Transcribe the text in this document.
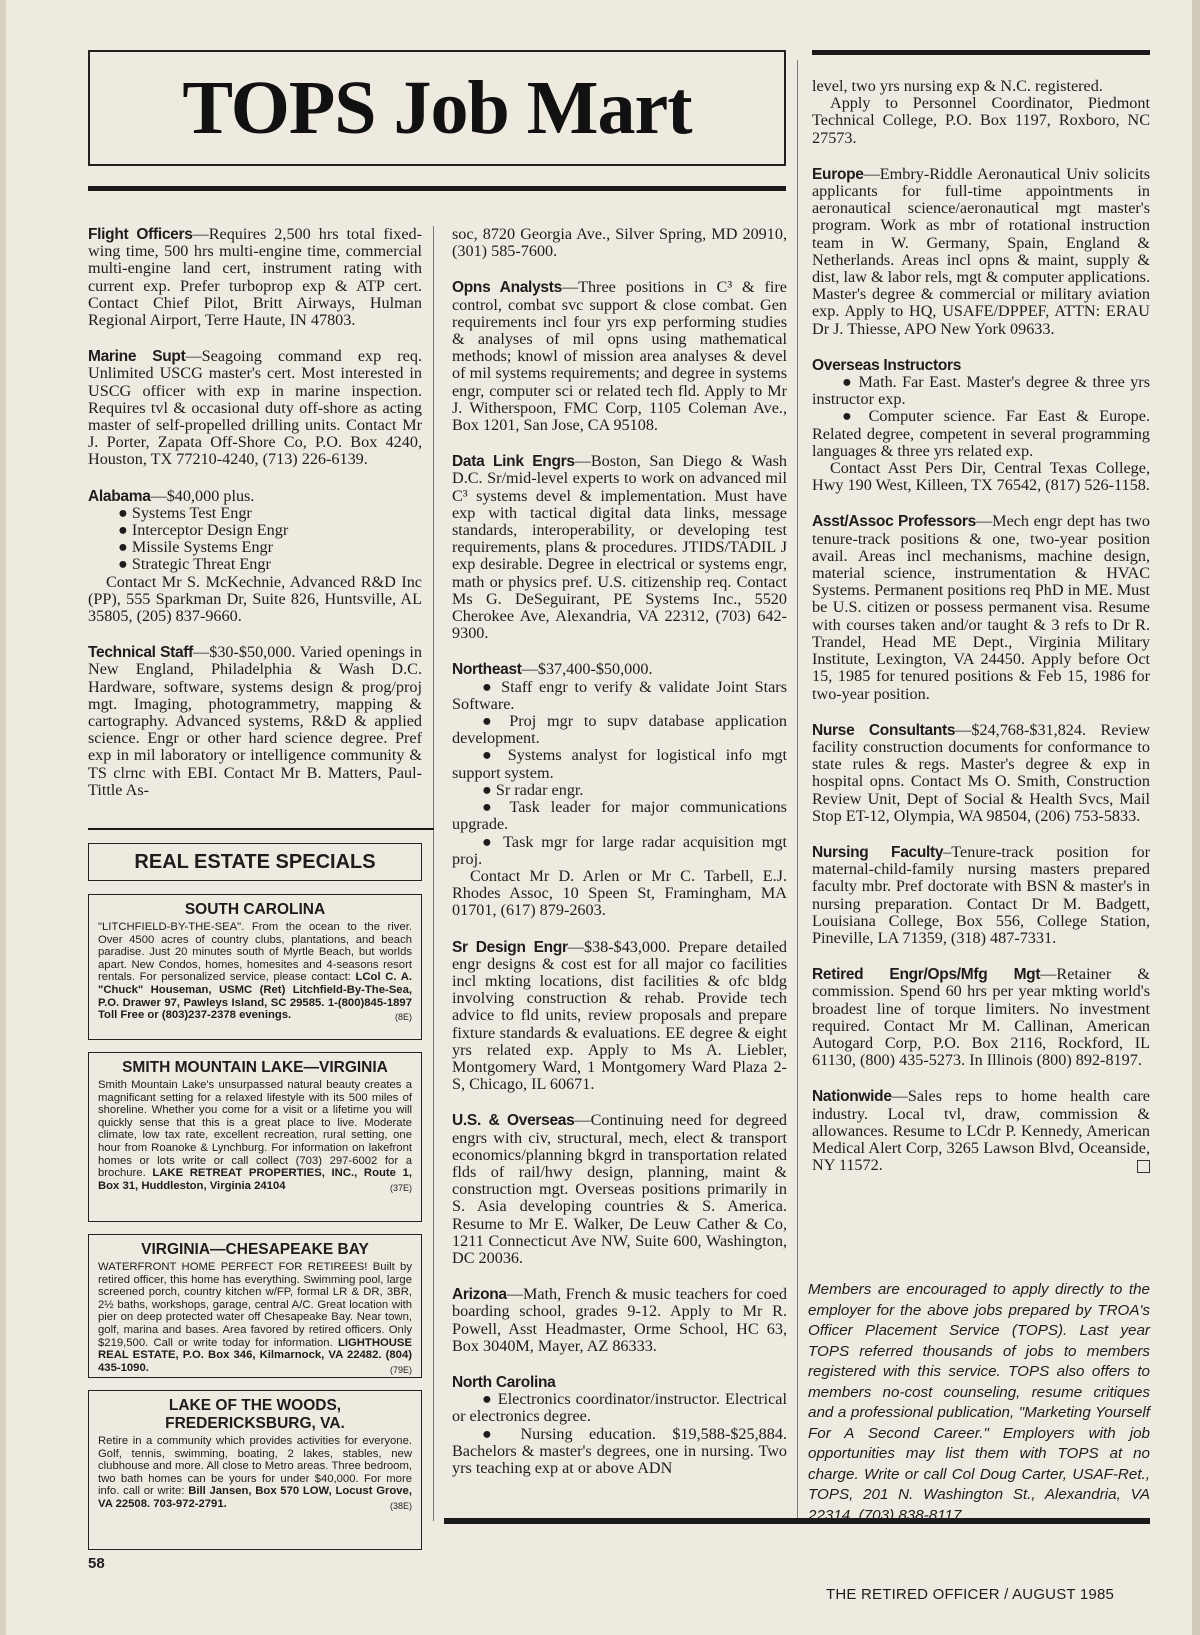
TOPS Job Mart

Flight Officers—Requires 2,500 hrs total fixed-wing time, 500 hrs multi-engine time, commercial multi-engine land cert, instrument rating with current exp. Prefer turboprop exp & ATP cert. Contact Chief Pilot, Britt Airways, Hulman Regional Airport, Terre Haute, IN 47803.

Marine Supt—Seagoing command exp req. Unlimited USCG master's cert. Most interested in USCG officer with exp in marine inspection. Requires tvl & occasional duty off-shore as acting master of self-propelled drilling units. Contact Mr J. Porter, Zapata Off-Shore Co, P.O. Box 4240, Houston, TX 77210-4240, (713) 226-6139.

Alabama—$40,000 plus.
● Systems Test Engr
● Interceptor Design Engr
● Missile Systems Engr
● Strategic Threat Engr
Contact Mr S. McKechnie, Advanced R&D Inc (PP), 555 Sparkman Dr, Suite 826, Huntsville, AL 35805, (205) 837-9660.

Technical Staff—$30-$50,000. Varied openings in New England, Philadelphia & Wash D.C. Hardware, software, systems design & prog/proj mgt. Imaging, photogrammetry, mapping & cartography. Advanced systems, R&D & applied science. Engr or other hard science degree. Pref exp in mil laboratory or intelligence community & TS clrnc with EBI. Contact Mr B. Matters, Paul-Tittle As-

REAL ESTATE SPECIALS
SOUTH CAROLINA
"LITCHFIELD-BY-THE-SEA". From the ocean to the river. Over 4500 acres of country clubs, plantations, and beach paradise. Just 20 minutes south of Myrtle Beach, but worlds apart. New Condos, homes, homesites and 4-seasons resort rentals. For personalized service, please contact: LCol C. A. "Chuck" Houseman, USMC (Ret) Litchfield-By-The-Sea, P.O. Drawer 97, Pawleys Island, SC 29585. 1-(800)845-1897 Toll Free or (803)237-2378 evenings.	(8E)
SMITH MOUNTAIN LAKE—VIRGINIA
Smith Mountain Lake's unsurpassed natural beauty creates a magnificant setting for a relaxed lifestyle with its 500 miles of shoreline. Whether you come for a visit or a lifetime you will quickly sense that this is a great place to live. Moderate climate, low tax rate, excellent recreation, rural setting, one hour from Roanoke & Lynchburg. For information on lakefront homes or lots write or call collect (703) 297-6002 for a brochure. LAKE RETREAT PROPERTIES, INC., Route 1, Box 31, Huddleston, Virginia 24104	(37E)
VIRGINIA—CHESAPEAKE BAY
WATERFRONT HOME PERFECT FOR RETIREES! Built by retired officer, this home has everything. Swimming pool, large screened porch, country kitchen w/FP, formal LR & DR, 3BR, 2½ baths, workshops, garage, central A/C. Great location with pier on deep protected water off Chesapeake Bay. Near town, golf, marina and bases. Area favored by retired officers. Only $219,500. Call or write today for information. LIGHTHOUSE REAL ESTATE, P.O. Box 346, Kilmarnock, VA 22482. (804) 435-1090.	(79E)
LAKE OF THE WOODS, FREDERICKSBURG, VA.
Retire in a community which provides activities for everyone. Golf, tennis, swimming, boating, 2 lakes, stables, new clubhouse and more. All close to Metro areas. Three bedroom, two bath homes can be yours for under $40,000. For more info. call or write: Bill Jansen, Box 570 LOW, Locust Grove, VA 22508. 703-972-2791.	(38E)

soc, 8720 Georgia Ave., Silver Spring, MD 20910, (301) 585-7600.

Opns Analysts—Three positions in C³ & fire control, combat svc support & close combat. Gen requirements incl four yrs exp performing studies & analyses of mil opns using mathematical methods; knowl of mission area analyses & devel of mil systems requirements; and degree in systems engr, computer sci or related tech fld. Apply to Mr J. Witherspoon, FMC Corp, 1105 Coleman Ave., Box 1201, San Jose, CA 95108.

Data Link Engrs—Boston, San Diego & Wash D.C. Sr/mid-level experts to work on advanced mil C³ systems devel & implementation. Must have exp with tactical digital data links, message standards, interoperability, or developing test requirements, plans & procedures. JTIDS/TADIL J exp desirable. Degree in electrical or systems engr, math or physics pref. U.S. citizenship req. Contact Ms G. DeSeguirant, PE Systems Inc., 5520 Cherokee Ave, Alexandria, VA 22312, (703) 642-9300.

Northeast—$37,400-$50,000.
● Staff engr to verify & validate Joint Stars Software.
● Proj mgr to supv database application development.
● Systems analyst for logistical info mgt support system.
● Sr radar engr.
● Task leader for major communications upgrade.
● Task mgr for large radar acquisition mgt proj.
Contact Mr D. Arlen or Mr C. Tarbell, E.J. Rhodes Assoc, 10 Speen St, Framingham, MA 01701, (617) 879-2603.

Sr Design Engr—$38-$43,000. Prepare detailed engr designs & cost est for all major co facilities incl mkting locations, dist facilities & ofc bldg involving construction & rehab. Provide tech advice to fld units, review proposals and prepare fixture standards & evaluations. EE degree & eight yrs related exp. Apply to Ms A. Liebler, Montgomery Ward, 1 Montgomery Ward Plaza 2-S, Chicago, IL 60671.

U.S. & Overseas—Continuing need for degreed engrs with civ, structural, mech, elect & transport economics/planning bkgrd in transportation related flds of rail/hwy design, planning, maint & construction mgt. Overseas positions primarily in S. Asia developing countries & S. America. Resume to Mr E. Walker, De Leuw Cather & Co, 1211 Connecticut Ave NW, Suite 600, Washington, DC 20036.

Arizona—Math, French & music teachers for coed boarding school, grades 9-12. Apply to Mr R. Powell, Asst Headmaster, Orme School, HC 63, Box 3040M, Mayer, AZ 86333.

North Carolina
● Electronics coordinator/instructor. Electrical or electronics degree.
● Nursing education. $19,588-$25,884. Bachelors & master's degrees, one in nursing. Two yrs teaching exp at or above ADN

level, two yrs nursing exp & N.C. registered.
Apply to Personnel Coordinator, Piedmont Technical College, P.O. Box 1197, Roxboro, NC 27573.

Europe—Embry-Riddle Aeronautical Univ solicits applicants for full-time appointments in aeronautical science/aeronautical mgt master's program. Work as mbr of rotational instruction team in W. Germany, Spain, England & Netherlands. Areas incl opns & maint, supply & dist, law & labor rels, mgt & computer applications. Master's degree & commercial or military aviation exp. Apply to HQ, USAFE/DPPEF, ATTN: ERAU Dr J. Thiesse, APO New York 09633.

Overseas Instructors
● Math. Far East. Master's degree & three yrs instructor exp.
● Computer science. Far East & Europe. Related degree, competent in several programming languages & three yrs related exp.
Contact Asst Pers Dir, Central Texas College, Hwy 190 West, Killeen, TX 76542, (817) 526-1158.

Asst/Assoc Professors—Mech engr dept has two tenure-track positions & one, two-year position avail. Areas incl mechanisms, machine design, material science, instrumentation & HVAC Systems. Permanent positions req PhD in ME. Must be U.S. citizen or possess permanent visa. Resume with courses taken and/or taught & 3 refs to Dr R. Trandel, Head ME Dept., Virginia Military Institute, Lexington, VA 24450. Apply before Oct 15, 1985 for tenured positions & Feb 15, 1986 for two-year position.

Nurse Consultants—$24,768-$31,824. Review facility construction documents for conformance to state rules & regs. Master's degree & exp in hospital opns. Contact Ms O. Smith, Construction Review Unit, Dept of Social & Health Svcs, Mail Stop ET-12, Olympia, WA 98504, (206) 753-5833.

Nursing Faculty–Tenure-track position for maternal-child-family nursing masters prepared faculty mbr. Pref doctorate with BSN & master's in nursing preparation. Contact Dr M. Badgett, Louisiana College, Box 556, College Station, Pineville, LA 71359, (318) 487-7331.

Retired Engr/Ops/Mfg Mgt—Retainer & commission. Spend 60 hrs per year mkting world's broadest line of torque limiters. No investment required. Contact Mr M. Callinan, American Autogard Corp, P.O. Box 2116, Rockford, IL 61130, (800) 435-5273. In Illinois (800) 892-8197.

Nationwide—Sales reps to home health care industry. Local tvl, draw, commission & allowances. Resume to LCdr P. Kennedy, American Medical Alert Corp, 3265 Lawson Blvd, Oceanside, NY 11572.

Members are encouraged to apply directly to the employer for the above jobs prepared by TROA's Officer Placement Service (TOPS). Last year TOPS referred thousands of jobs to members registered with this service. TOPS also offers to members no-cost counseling, resume critiques and a professional publication, "Marketing Yourself For A Second Career." Employers with job opportunities may list them with TOPS at no charge. Write or call Col Doug Carter, USAF-Ret., TOPS, 201 N. Washington St., Alexandria, VA 22314, (703) 838-8117.
58
THE RETIRED OFFICER / AUGUST 1985
